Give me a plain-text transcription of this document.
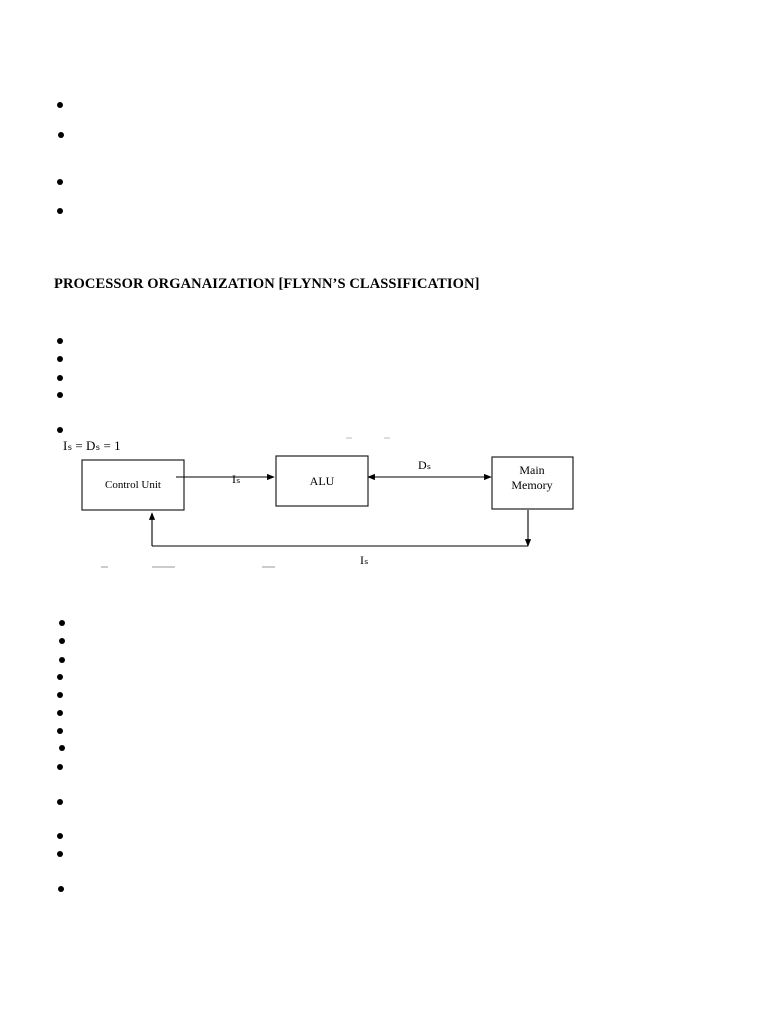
PROCESSOR ORGANAIZATION [FLYNN’S CLASSIFICATION]
Iₛ = Dₛ = 1
Control Unit	Iₛ	ALU
Dₛ	Main
Memory
Iₛ
